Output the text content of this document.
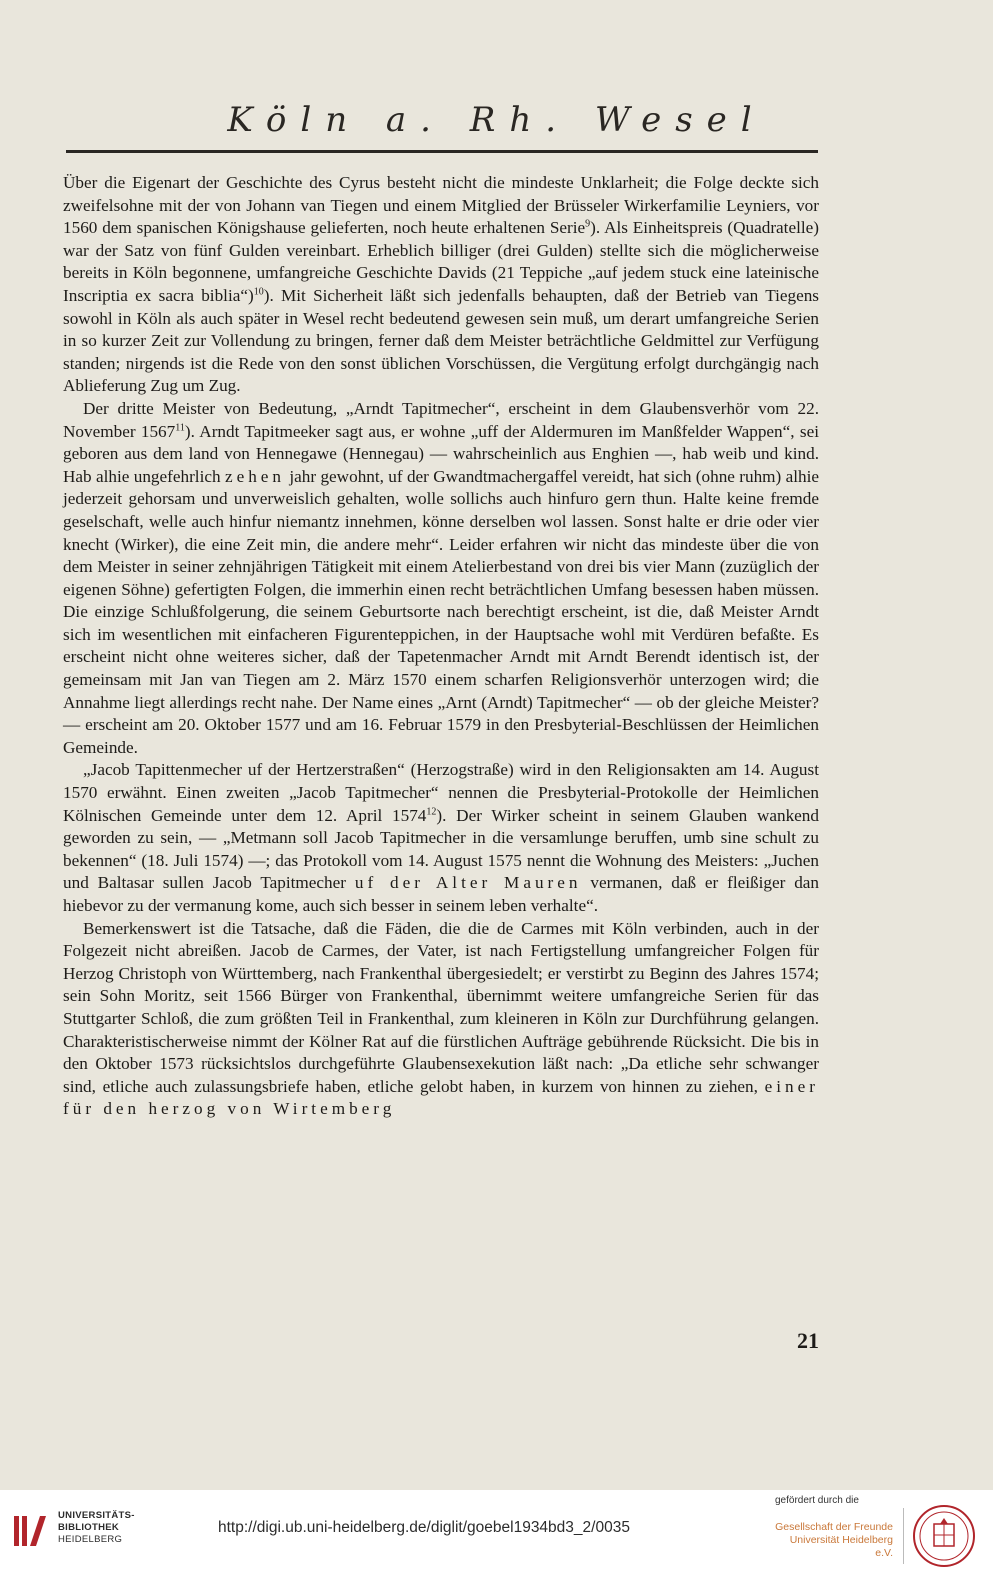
Köln a. Rh. Wesel

Über die Eigenart der Geschichte des Cyrus besteht nicht die mindeste Unklarheit; die Folge deckte sich zweifelsohne mit der von Johann van Tiegen und einem Mitglied der Brüsseler Wirkerfamilie Leyniers, vor 1560 dem spanischen Königshause gelieferten, noch heute erhaltenen Serie$^9$). Als Einheitspreis (Quadratelle) war der Satz von fünf Gulden vereinbart. Erheblich billiger (drei Gulden) stellte sich die möglicherweise bereits in Köln begonnene, umfangreiche Geschichte Davids (21 Teppiche „auf jedem stuck eine lateinische Inscriptia ex sacra biblia“)$^{10}$). Mit Sicherheit läßt sich jedenfalls behaupten, daß der Betrieb van Tiegens sowohl in Köln als auch später in Wesel recht bedeutend gewesen sein muß, um derart umfangreiche Serien in so kurzer Zeit zur Vollendung zu bringen, ferner daß dem Meister beträchtliche Geldmittel zur Verfügung standen; nirgends ist die Rede von den sonst üblichen Vorschüssen, die Vergütung erfolgt durchgängig nach Ablieferung Zug um Zug.

Der dritte Meister von Bedeutung, „Arndt Tapitmecher“, erscheint in dem Glaubensverhör vom 22. November 1567$^{11}$). Arndt Tapitmeeker sagt aus, er wohne „uff der Aldermuren im Manßfelder Wappen“, sei geboren aus dem land von Hennegawe (Hennegau) — wahrscheinlich aus Enghien —, hab weib und kind. Hab alhie ungefehrlich zehen jahr gewohnt, uf der Gwandtmachergaffel vereidt, hat sich (ohne ruhm) alhie jederzeit gehorsam und unverweislich gehalten, wolle sollichs auch hinfuro gern thun. Halte keine fremde geselschaft, welle auch hinfur niemantz innehmen, könne derselben wol lassen. Sonst halte er drie oder vier knecht (Wirker), die eine Zeit min, die andere mehr“. Leider erfahren wir nicht das mindeste über die von dem Meister in seiner zehnjährigen Tätigkeit mit einem Atelierbestand von drei bis vier Mann (zuzüglich der eigenen Söhne) gefertigten Folgen, die immerhin einen recht beträchtlichen Umfang besessen haben müssen. Die einzige Schlußfolgerung, die seinem Geburtsorte nach berechtigt erscheint, ist die, daß Meister Arndt sich im wesentlichen mit einfacheren Figurenteppichen, in der Hauptsache wohl mit Verdüren befaßte. Es erscheint nicht ohne weiteres sicher, daß der Tapetenmacher Arndt mit Arndt Berendt identisch ist, der gemeinsam mit Jan van Tiegen am 2. März 1570 einem scharfen Religionsverhör unterzogen wird; die Annahme liegt allerdings recht nahe. Der Name eines „Arnt (Arndt) Tapitmecher“ — ob der gleiche Meister? — erscheint am 20. Oktober 1577 und am 16. Februar 1579 in den Presbyterial-Beschlüssen der Heimlichen Gemeinde.

„Jacob Tapittenmecher uf der Hertzerstraßen“ (Herzogstraße) wird in den Religionsakten am 14. August 1570 erwähnt. Einen zweiten „Jacob Tapitmecher“ nennen die Presbyterial-Protokolle der Heimlichen Kölnischen Gemeinde unter dem 12. April 1574$^{12}$). Der Wirker scheint in seinem Glauben wankend geworden zu sein, — „Metmann soll Jacob Tapitmecher in die versamlunge beruffen, umb sine schult zu bekennen“ (18. Juli 1574) —; das Protokoll vom 14. August 1575 nennt die Wohnung des Meisters: „Juchen und Baltasar sullen Jacob Tapitmecher uf der Alter Mauren vermanen, daß er fleißiger dan hiebevor zu der vermanung kome, auch sich besser in seinem leben verhalte“.

Bemerkenswert ist die Tatsache, daß die Fäden, die die de Carmes mit Köln verbinden, auch in der Folgezeit nicht abreißen. Jacob de Carmes, der Vater, ist nach Fertigstellung umfangreicher Folgen für Herzog Christoph von Württemberg, nach Frankenthal übergesiedelt; er verstirbt zu Beginn des Jahres 1574; sein Sohn Moritz, seit 1566 Bürger von Frankenthal, übernimmt weitere umfangreiche Serien für das Stuttgarter Schloß, die zum größten Teil in Frankenthal, zum kleineren in Köln zur Durchführung gelangen. Charakteristischerweise nimmt der Kölner Rat auf die fürstlichen Aufträge gebührende Rücksicht. Die bis in den Oktober 1573 rücksichtslos durchgeführte Glaubensexekution läßt nach: „Da etliche sehr schwanger sind, etliche auch zulassungsbriefe haben, etliche gelobt haben, in kurzem von hinnen zu ziehen, einer für den herzog von Wirtemberg

21
UNIVERSITÄTS-
BIBLIOTHEK
HEIDELBERG
http://digi.ub.uni-heidelberg.de/diglit/goebel1934bd3_2/0035
gefördert durch die
Gesellschaft der Freunde
Universität Heidelberg e.V.
